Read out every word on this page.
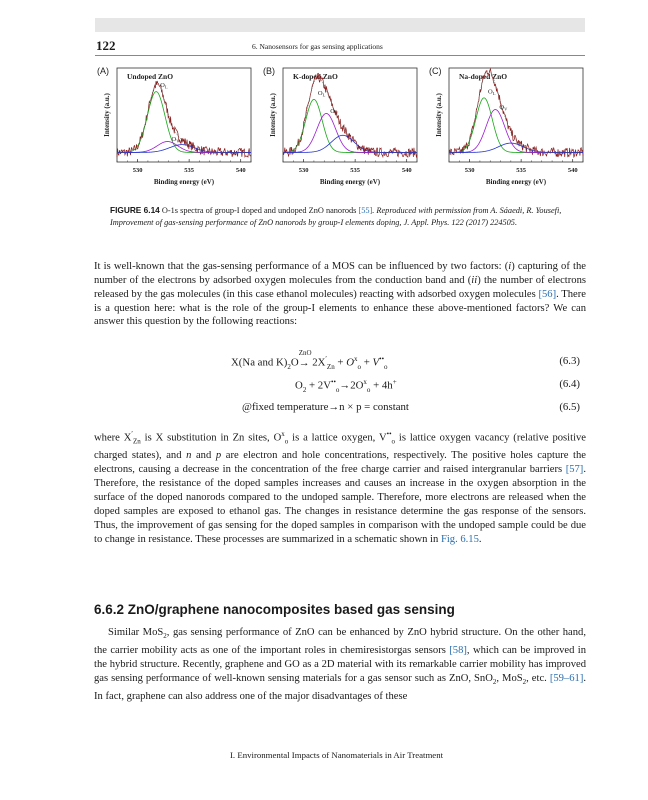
122	6. Nanosensors for gas sensing applications
(A)
Undoped ZnO
530	535	540
Binding energy (eV)
Intensity (a.u.)
$O_L$
$O_V$
(B)
K-doped ZnO
530	535	540
Binding energy (eV)
Intensity (a.u.)	$O_L$
$O_V$
(C)
Na-doped ZnO
530	535	540
Binding energy (eV)
Intensity (a.u.)
$O_L$
$O_V$
FIGURE 6.14 O-1s spectra of group-I doped and undoped ZnO nanorods [55]. Reproduced with permission from A. Sáaedi, R. Yousefi, Improvement of gas-sensing performance of ZnO nanorods by group-I elements doping, J. Appl. Phys. 122 (2017) 224505.
It is well-known that the gas-sensing performance of a MOS can be influenced by two factors: (i) capturing of the number of the electrons by adsorbed oxygen molecules from the conduction band and (ii) the number of electrons released by the gas molecules (in this case ethanol molecules) reacting with adsorbed oxygen molecules [56]. There is a question here: what is the role of the group-I elements to enhance these above-mentioned factors? We can answer this question by the following reactions:
X(Na and $K)_2O$
ZnO
→ $2X'_{Zn} + O^x_o + V^{••}_o$	(6.3)
$O_2 + 2V^{••}_o\to 2O^x_o + 4h^+$	(6.4)
@fixed temperature→n × p = constant	(6.5)
where $X'_{Zn}$ is X substitution in Zn sites, $O^x_o$ is a lattice oxygen, $V^{••}_o$ is lattice oxygen vacancy (relative positive charged states), and n and p are electron and hole concentrations, respectively. The positive holes capture the electrons, causing a decrease in the concentration of the free charge carrier and raised intergranular barriers [57]. Therefore, the resistance of the doped samples increases and causes an increase in the oxygen absorption in the surface of the doped nanorods compared to the undoped sample. Therefore, more electrons are released when the doped samples are exposed to ethanol gas. The changes in resistance determine the gas response of the sensors. Thus, the improvement of gas sensing for the doped samples in comparison with the undoped sample could be due to change in resistance. These processes are summarized in a schematic shown in Fig. 6.15.
6.6.2 ZnO/graphene nanocomposites based gas sensing
Similar MoS$_2$, gas sensing performance of ZnO can be enhanced by ZnO hybrid structure. On the other hand, the carrier mobility acts as one of the important roles in chemiresistorgas sensors [58], which can be improved in the hybrid structure. Recently, graphene and GO as a 2D material with its remarkable carrier mobility has improved gas sensing performance of well-known sensing materials for a gas sensor such as ZnO, SnO$_2$, MoS$_2$, etc. [59–61]. In fact, graphene can also address one of the major disadvantages of these
I. Environmental Impacts of Nanomaterials in Air Treatment
